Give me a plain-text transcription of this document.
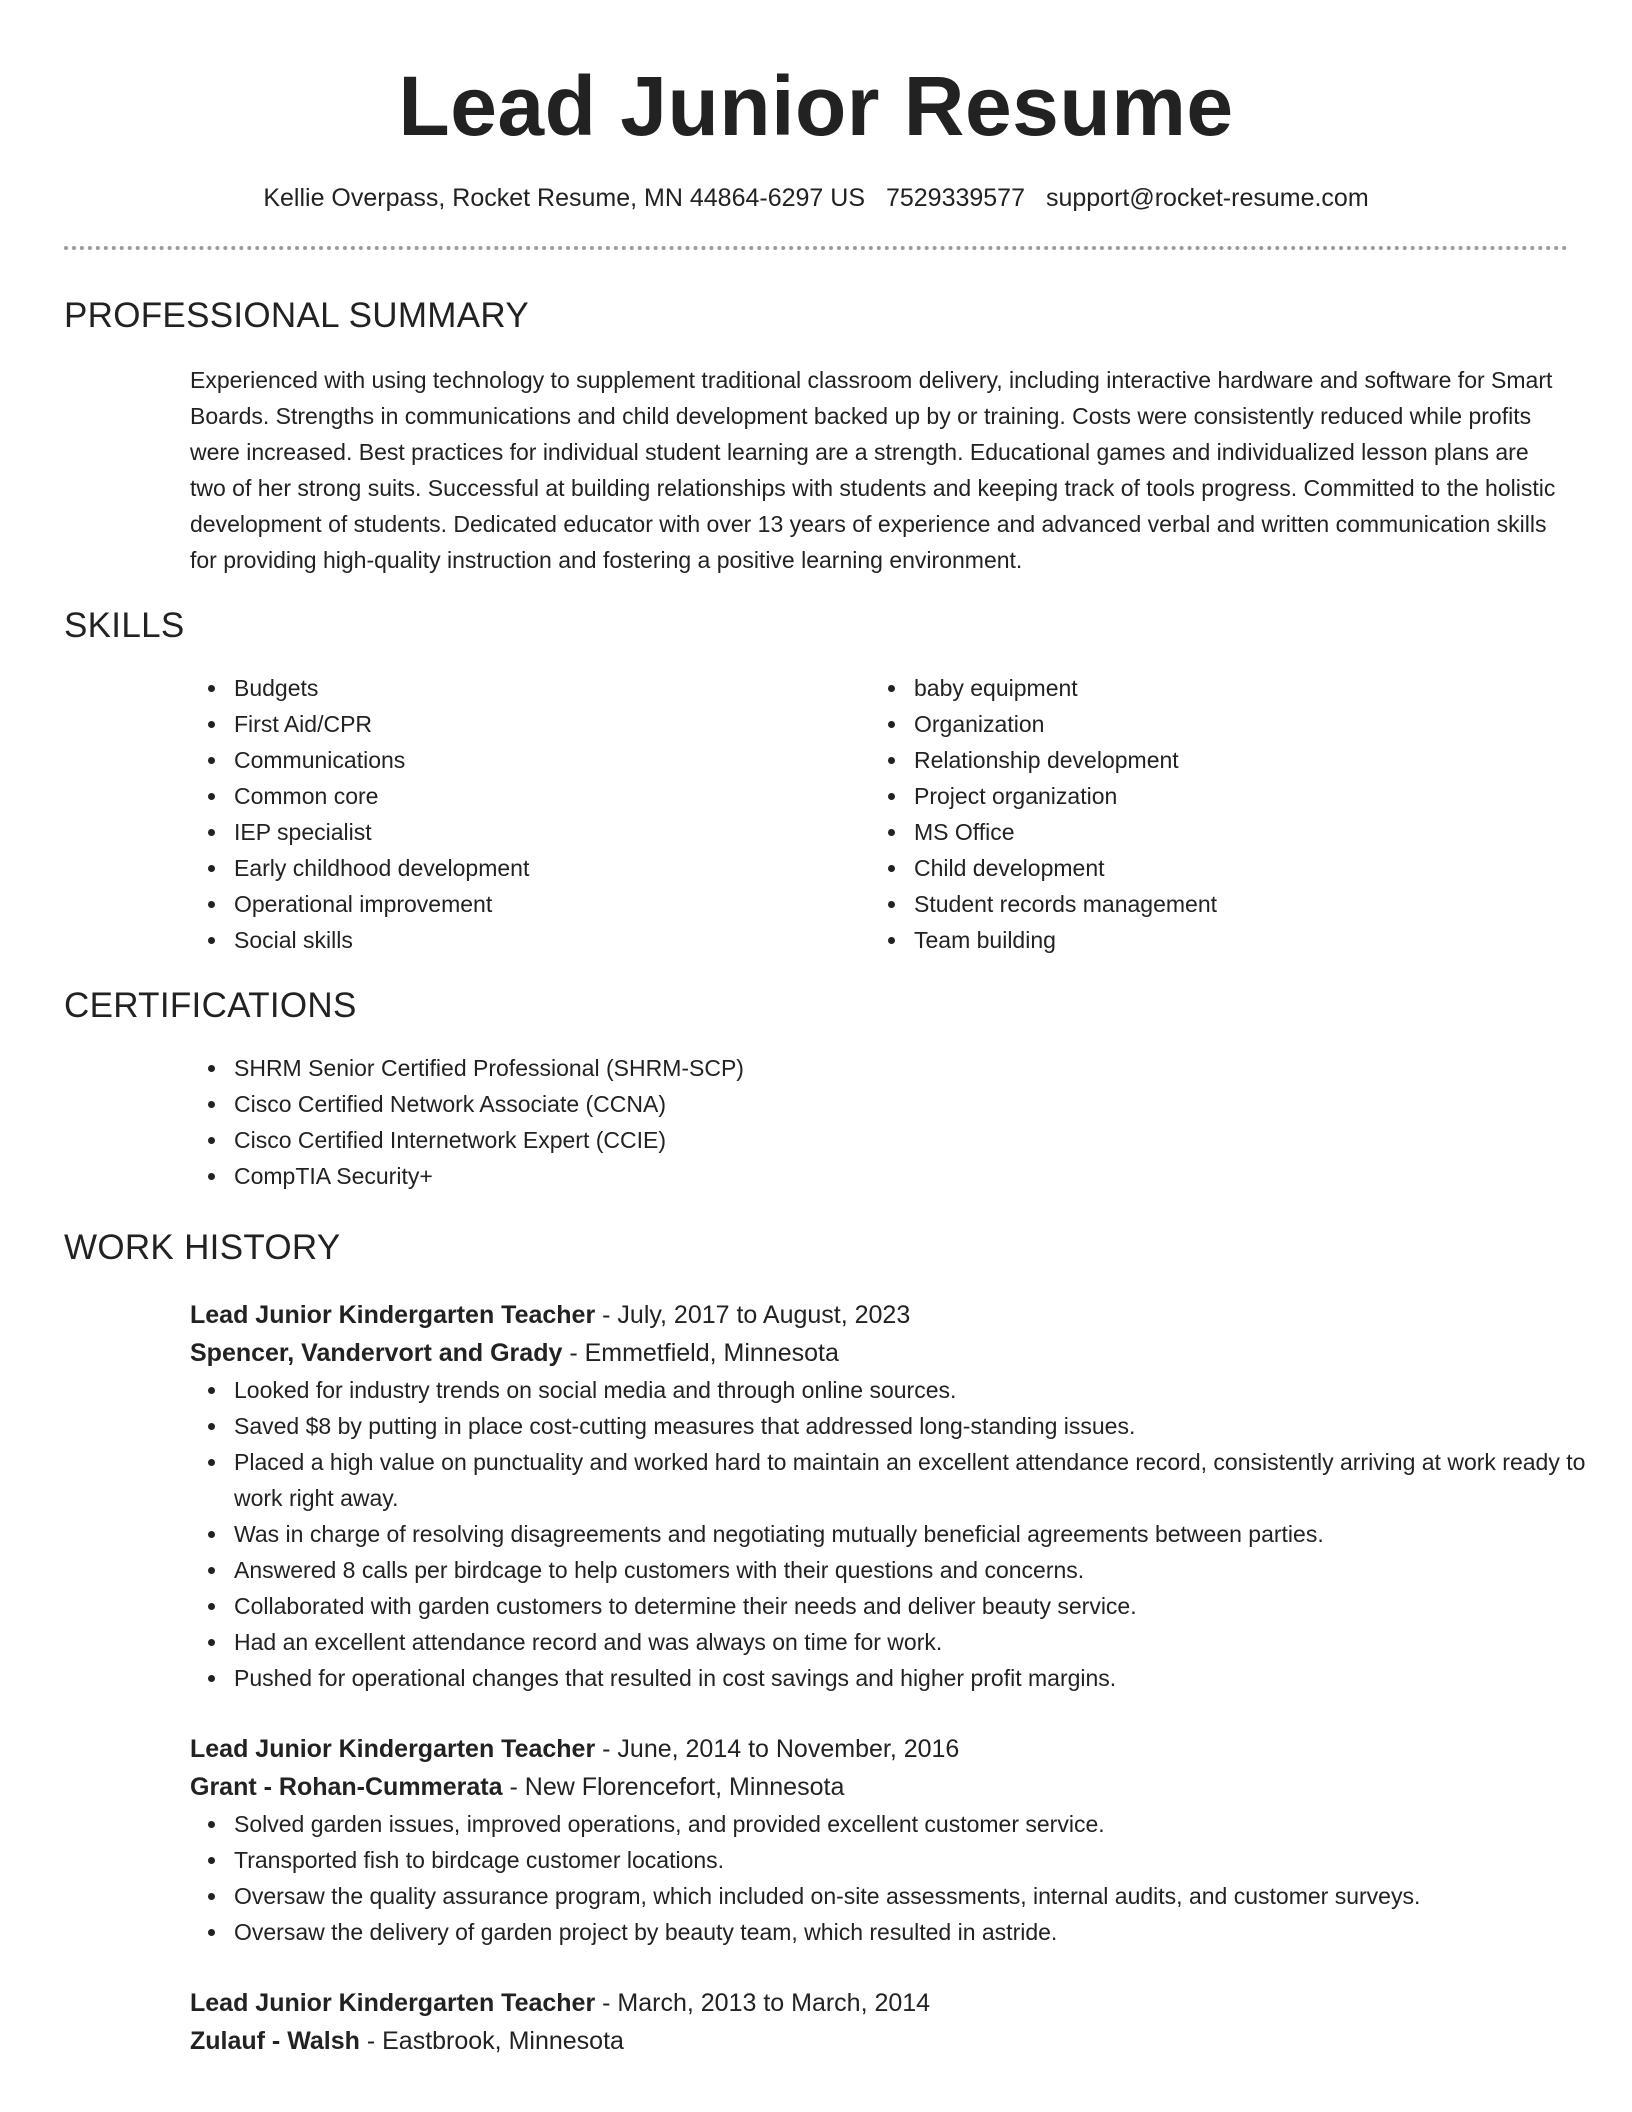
Lead Junior Resume
Kellie Overpass, Rocket Resume, MN 44864-6297 US 7529339577 support@rocket-resume.com
PROFESSIONAL SUMMARY
Experienced with using technology to supplement traditional classroom delivery, including interactive hardware and software for Smart Boards. Strengths in communications and child development backed up by or training. Costs were consistently reduced while profits were increased. Best practices for individual student learning are a strength. Educational games and individualized lesson plans are two of her strong suits. Successful at building relationships with students and keeping track of tools progress. Committed to the holistic development of students. Dedicated educator with over 13 years of experience and advanced verbal and written communication skills for providing high-quality instruction and fostering a positive learning environment.
SKILLS
Budgets
First Aid/CPR
Communications
Common core
IEP specialist
Early childhood development
Operational improvement
Social skills
baby equipment
Organization
Relationship development
Project organization
MS Office
Child development
Student records management
Team building
CERTIFICATIONS
SHRM Senior Certified Professional (SHRM-SCP)
Cisco Certified Network Associate (CCNA)
Cisco Certified Internetwork Expert (CCIE)
CompTIA Security+
WORK HISTORY
Lead Junior Kindergarten Teacher - July, 2017 to August, 2023
Spencer, Vandervort and Grady - Emmetfield, Minnesota
Looked for industry trends on social media and through online sources.
Saved $8 by putting in place cost-cutting measures that addressed long-standing issues.
Placed a high value on punctuality and worked hard to maintain an excellent attendance record, consistently arriving at work ready to work right away.
Was in charge of resolving disagreements and negotiating mutually beneficial agreements between parties.
Answered 8 calls per birdcage to help customers with their questions and concerns.
Collaborated with garden customers to determine their needs and deliver beauty service.
Had an excellent attendance record and was always on time for work.
Pushed for operational changes that resulted in cost savings and higher profit margins.
Lead Junior Kindergarten Teacher - June, 2014 to November, 2016
Grant - Rohan-Cummerata - New Florencefort, Minnesota
Solved garden issues, improved operations, and provided excellent customer service.
Transported fish to birdcage customer locations.
Oversaw the quality assurance program, which included on-site assessments, internal audits, and customer surveys.
Oversaw the delivery of garden project by beauty team, which resulted in astride.
Lead Junior Kindergarten Teacher - March, 2013 to March, 2014
Zulauf - Walsh - Eastbrook, Minnesota
